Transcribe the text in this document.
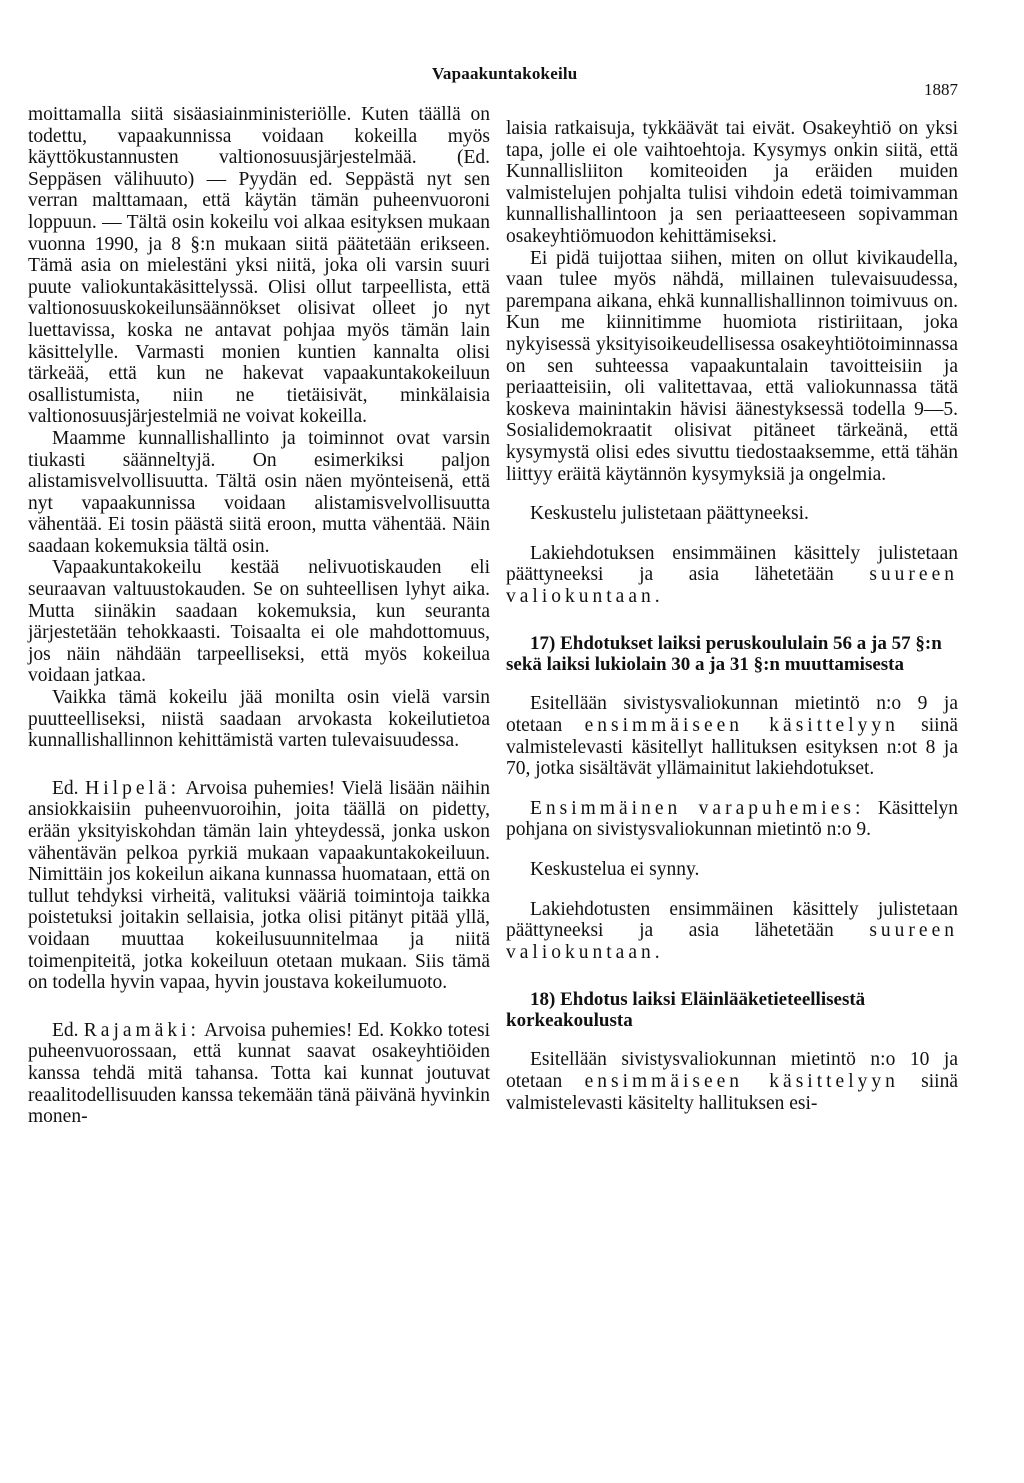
Vapaakuntakokeilu
1887

moittamalla siitä sisäasiainministeriölle. Kuten täällä on todettu, vapaakunnissa voidaan kokeilla myös käyttökustannusten valtionosuusjärjestelmää. (Ed. Seppäsen välihuuto) — Pyydän ed. Seppästä nyt sen verran malttamaan, että käytän tämän puheenvuoroni loppuun. — Tältä osin kokeilu voi alkaa esityksen mukaan vuonna 1990, ja 8 §:n mukaan siitä päätetään erikseen. Tämä asia on mielestäni yksi niitä, joka oli varsin suuri puute valiokuntakäsittelyssä. Olisi ollut tarpeellista, että valtionosuuskokeilunsäännökset olisivat olleet jo nyt luettavissa, koska ne antavat pohjaa myös tämän lain käsittelylle. Varmasti monien kuntien kannalta olisi tärkeää, että kun ne hakevat vapaakuntakokeiluun osallistumista, niin ne tietäisivät, minkälaisia valtionosuusjärjestelmiä ne voivat kokeilla.

Maamme kunnallishallinto ja toiminnot ovat varsin tiukasti säänneltyjä. On esimerkiksi paljon alistamisvelvollisuutta. Tältä osin näen myönteisenä, että nyt vapaakunnissa voidaan alistamisvelvollisuutta vähentää. Ei tosin päästä siitä eroon, mutta vähentää. Näin saadaan kokemuksia tältä osin.

Vapaakuntakokeilu kestää nelivuotiskauden eli seuraavan valtuustokauden. Se on suhteellisen lyhyt aika. Mutta siinäkin saadaan kokemuksia, kun seuranta järjestetään tehokkaasti. Toisaalta ei ole mahdottomuus, jos näin nähdään tarpeelliseksi, että myös kokeilua voidaan jatkaa.

Vaikka tämä kokeilu jää monilta osin vielä varsin puutteelliseksi, niistä saadaan arvokasta kokeilutietoa kunnallishallinnon kehittämistä varten tulevaisuudessa.

Ed. Hilpelä: Arvoisa puhemies! Vielä lisään näihin ansiokkaisiin puheenvuoroihin, joita täällä on pidetty, erään yksityiskohdan tämän lain yhteydessä, jonka uskon vähentävän pelkoa pyrkiä mukaan vapaakuntakokeiluun. Nimittäin jos kokeilun aikana kunnassa huomataan, että on tullut tehdyksi virheitä, valituksi vääriä toimintoja taikka poistetuksi joitakin sellaisia, jotka olisi pitänyt pitää yllä, voidaan muuttaa kokeilusuunnitelmaa ja niitä toimenpiteitä, jotka kokeiluun otetaan mukaan. Siis tämä on todella hyvin vapaa, hyvin joustava kokeilumuoto.

Ed. Rajamäki: Arvoisa puhemies! Ed. Kokko totesi puheenvuorossaan, että kunnat saavat osakeyhtiöiden kanssa tehdä mitä tahansa. Totta kai kunnat joutuvat reaalitodellisuuden kanssa tekemään tänä päivänä hyvinkin monen-

laisia ratkaisuja, tykkäävät tai eivät. Osakeyhtiö on yksi tapa, jolle ei ole vaihtoehtoja. Kysymys onkin siitä, että Kunnallisliiton komiteoiden ja eräiden muiden valmistelujen pohjalta tulisi vihdoin edetä toimivamman kunnallishallintoon ja sen periaatteeseen sopivamman osakeyhtiömuodon kehittämiseksi.

Ei pidä tuijottaa siihen, miten on ollut kivikaudella, vaan tulee myös nähdä, millainen tulevaisuudessa, parempana aikana, ehkä kunnallishallinnon toimivuus on. Kun me kiinnitimme huomiota ristiriitaan, joka nykyisessä yksityisoikeudellisessa osakeyhtiötoiminnassa on sen suhteessa vapaakuntalain tavoitteisiin ja periaatteisiin, oli valitettavaa, että valiokunnassa tätä koskeva mainintakin hävisi äänestyksessä todella 9—5. Sosialidemokraatit olisivat pitäneet tärkeänä, että kysymystä olisi edes sivuttu tiedostaaksemme, että tähän liittyy eräitä käytännön kysymyksiä ja ongelmia.

Keskustelu julistetaan päättyneeksi.

Lakiehdotuksen ensimmäinen käsittely julistetaan päättyneeksi ja asia lähetetään suureen valiokuntaan.

17) Ehdotukset laiksi peruskoululain 56 a ja 57 §:n sekä laiksi lukiolain 30 a ja 31 §:n muuttamisesta

Esitellään sivistysvaliokunnan mietintö n:o 9 ja otetaan ensimmäiseen käsittelyyn siinä valmistelevasti käsitellyt hallituksen esityksen n:ot 8 ja 70, jotka sisältävät yllämainitut lakiehdotukset.

Ensimmäinen varapuhemies: Käsittelyn pohjana on sivistysvaliokunnan mietintö n:o 9.

Keskustelua ei synny.

Lakiehdotusten ensimmäinen käsittely julistetaan päättyneeksi ja asia lähetetään suureen valiokuntaan.

18) Ehdotus laiksi Eläinlääketieteellisestä korkeakoulusta

Esitellään sivistysvaliokunnan mietintö n:o 10 ja otetaan ensimmäiseen käsittelyyn siinä valmistelevasti käsitelty hallituksen esi-
